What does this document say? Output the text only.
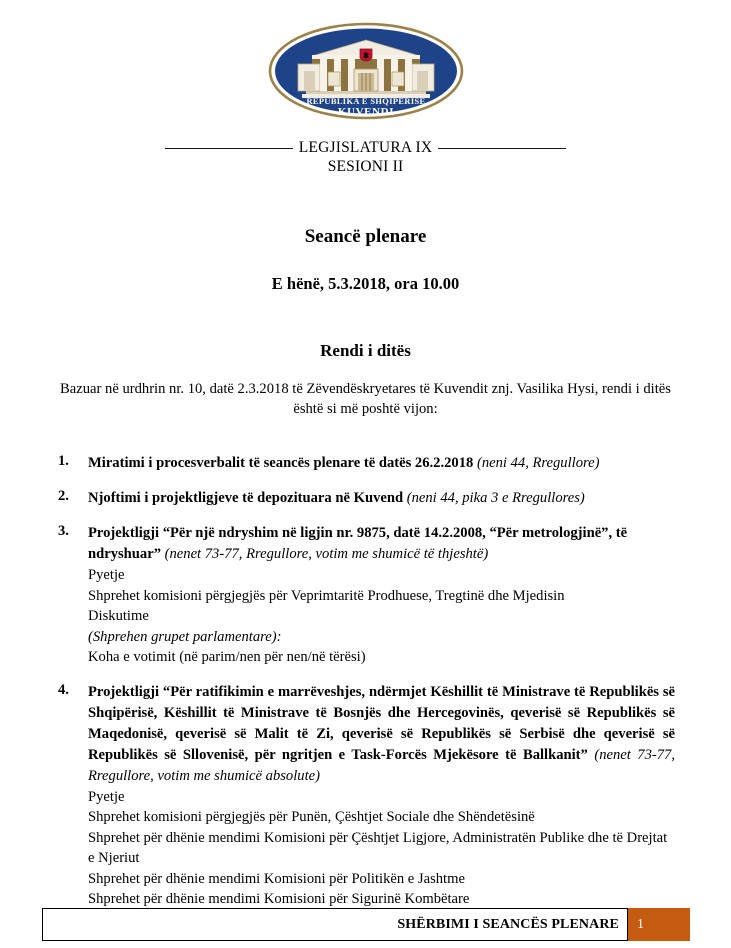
REPUBLIKA E SHQIPERISE
KUVENDI
LEGJISLATURA IX
SESIONI II
Seancë plenare
E hënë, 5.3.2018, ora 10.00
Rendi i ditës
Bazuar në urdhrin nr. 10, datë 2.3.2018 të Zëvendëskryetares të Kuvendit znj. Vasilika Hysi, rendi i ditës është si më poshtë vijon:
1.	Miratimi i procesverbalit të seancës plenare të datës 26.2.2018 (neni 44, Rregullore)
2.	Njoftimi i projektligjeve të depozituara në Kuvend (neni 44, pika 3 e Rregullores)
3.	Projektligji “Për një ndryshim në ligjin nr. 9875, datë 14.2.2008, “Për metrologjinë”, të ndryshuar” (nenet 73-77, Rregullore, votim me shumicë të thjeshtë)
Pyetje
Shprehet komisioni përgjegjës për Veprimtaritë Prodhuese, Tregtinë dhe Mjedisin
Diskutime
(Shprehen grupet parlamentare):
Koha e votimit (në parim/nen për nen/në tërësi)
4.	Projektligji “Për ratifikimin e marrëveshjes, ndërmjet Këshillit të Ministrave të Republikës së Shqipërisë, Këshillit të Ministrave të Bosnjës dhe Hercegovinës, qeverisë së Republikës së Maqedonisë, qeverisë së Malit të Zi, qeverisë së Republikës së Serbisë dhe qeverisë së Republikës së Sllovenisë, për ngritjen e Task-Forcës Mjekësore të Ballkanit” (nenet 73-77, Rregullore, votim me shumicë absolute)
Pyetje
Shprehet komisioni përgjegjës për Punën, Çështjet Sociale dhe Shëndetësinë
Shprehet për dhënie mendimi Komisioni për Çështjet Ligjore, Administratën Publike dhe të Drejtat e Njeriut
Shprehet për dhënie mendimi Komisioni për Politikën e Jashtme
Shprehet për dhënie mendimi Komisioni për Sigurinë Kombëtare
SHËRBIMI I SEANCËS PLENARE 1
